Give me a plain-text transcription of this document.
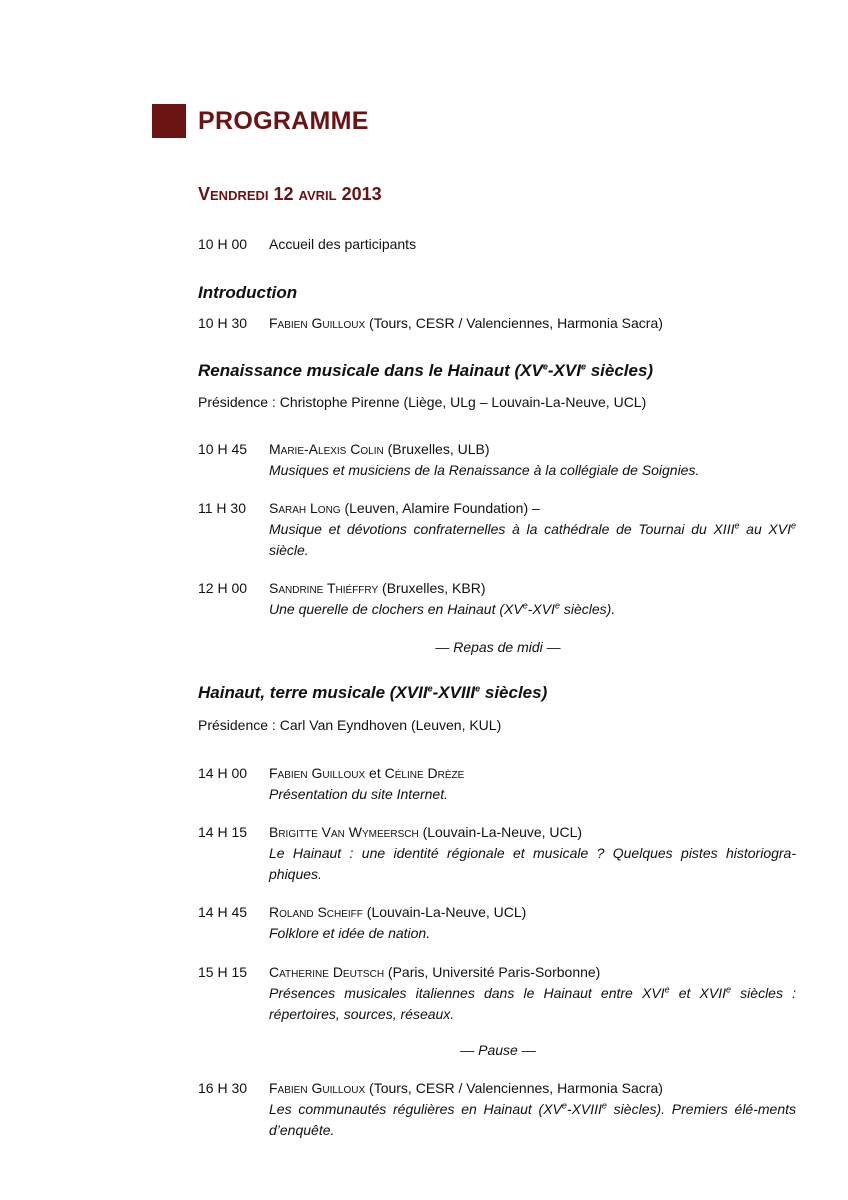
PROGRAMME
Vendredi 12 avril 2013
10 H 00	Accueil des participants
Introduction
10 H 30	Fabien Guilloux (Tours, CESR / Valenciennes, Harmonia Sacra)
Renaissance musicale dans le Hainaut (XVe-XVIe siècles)
Présidence : Christophe Pirenne (Liège, ULg – Louvain-La-Neuve, UCL)
10 H 45	Marie-Alexis Colin (Bruxelles, ULB)
Musiques et musiciens de la Renaissance à la collégiale de Soignies.
11 H 30	Sarah Long (Leuven, Alamire Foundation) –
Musique et dévotions confraternelles à la cathédrale de Tournai du XIIIe au XVIe siècle.
12 H 00	Sandrine Thiéffry (Bruxelles, KBR)
Une querelle de clochers en Hainaut (XVe-XVIe siècles).
— Repas de midi —
Hainaut, terre musicale (XVIIe-XVIIIe siècles)
Présidence : Carl Van Eyndhoven (Leuven, KUL)
14 H 00	Fabien Guilloux et Céline Drèze
Présentation du site Internet.
14 H 15	Brigitte Van Wymeersch (Louvain-La-Neuve, UCL)
Le Hainaut : une identité régionale et musicale ? Quelques pistes historiogra-phiques.
14 H 45	Roland Scheiff (Louvain-La-Neuve, UCL)
Folklore et idée de nation.
15 H 15	Catherine Deutsch (Paris, Université Paris-Sorbonne)
Présences musicales italiennes dans le Hainaut entre XVIe et XVIIe siècles : répertoires, sources, réseaux.
— Pause —
16 H 30	Fabien Guilloux (Tours, CESR / Valenciennes, Harmonia Sacra)
Les communautés régulières en Hainaut (XVe-XVIIIe siècles). Premiers élé-ments d’enquête.
